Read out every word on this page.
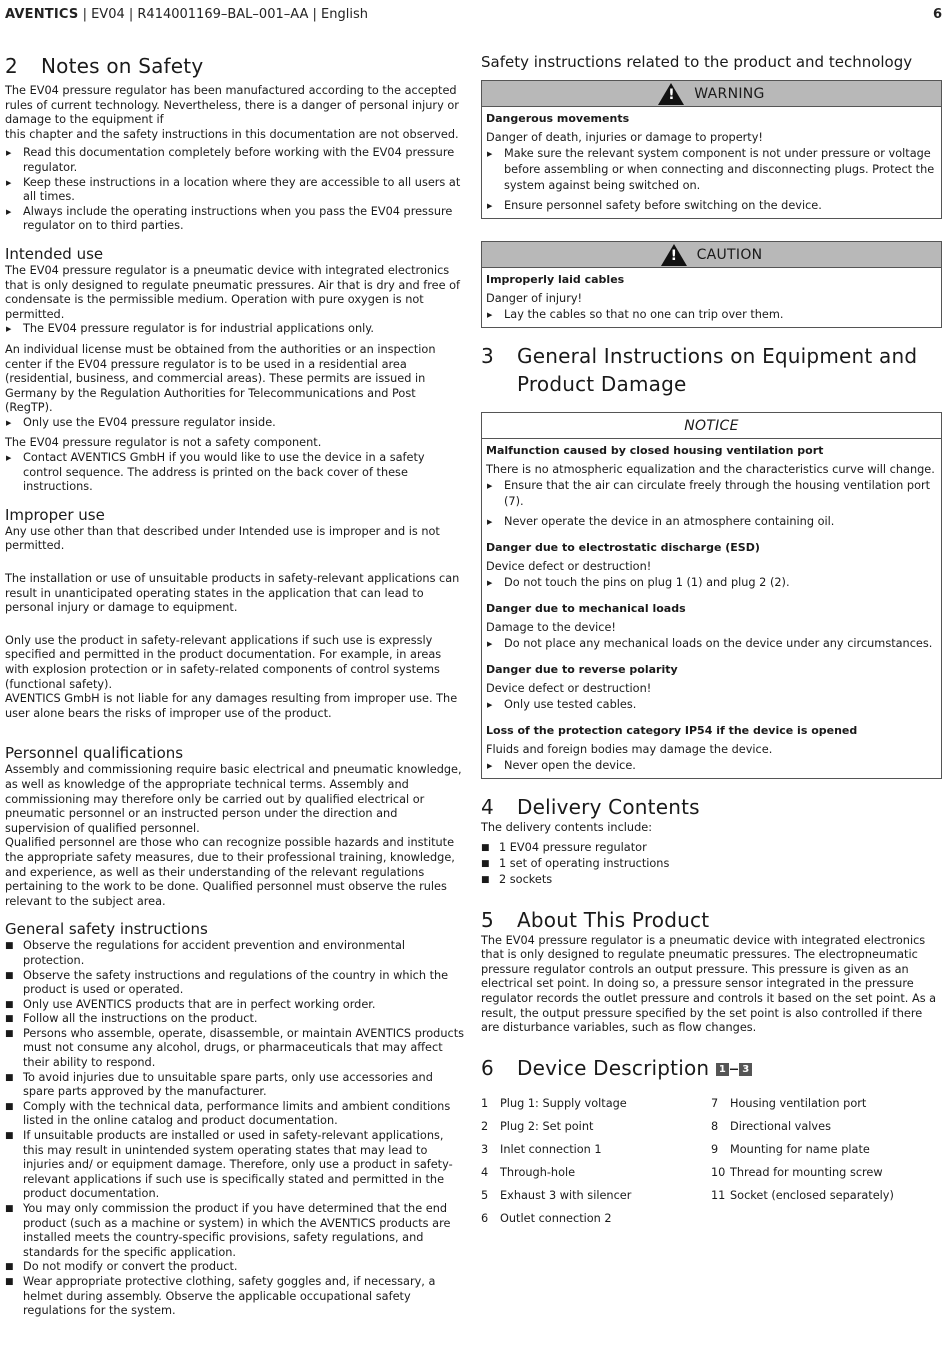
AVENTICS | EV04 | R414001169–BAL–001–AA | English	6
2 Notes on Safety

The EV04 pressure regulator has been manufactured according to the accepted rules of current technology. Nevertheless, there is a danger of personal injury or damage to the equipment if

this chapter and the safety instructions in this documentation are not observed.

▶ Read this documentation completely before working with the EV04 pressure regulator.
▶ Keep these instructions in a location where they are accessible to all users at all times.
▶ Always include the operating instructions when you pass the EV04 pressure regulator on to third parties.
Intended use

The EV04 pressure regulator is a pneumatic device with integrated electronics that is only designed to regulate pneumatic pressures. Air that is dry and free of condensate is the permissible medium. Operation with pure oxygen is not permitted.

▶ The EV04 pressure regulator is for industrial applications only.

An individual license must be obtained from the authorities or an inspection center if the EV04 pressure regulator is to be used in a residential area (residential, business, and commercial areas). These permits are issued in Germany by the Regulation Authorities for Telecommunications and Post (RegTP).

▶ Only use the EV04 pressure regulator inside.

The EV04 pressure regulator is not a safety component.

▶ Contact AVENTICS GmbH if you would like to use the device in a safety control sequence. The address is printed on the back cover of these instructions.
Improper use

Any use other than that described under Intended use is improper and is not permitted.

The installation or use of unsuitable products in safety-relevant applications can result in unanticipated operating states in the application that can lead to personal injury or damage to equipment.

Only use the product in safety-relevant applications if such use is expressly specified and permitted in the product documentation. For example, in areas with explosion protection or in safety-related components of control systems (functional safety).

AVENTICS GmbH is not liable for any damages resulting from improper use. The user alone bears the risks of improper use of the product.

Personnel qualifications

Assembly and commissioning require basic electrical and pneumatic knowledge, as well as knowledge of the appropriate technical terms. Assembly and commissioning may therefore only be carried out by qualified electrical or pneumatic personnel or an instructed person under the direction and supervision of qualified personnel.

Qualified personnel are those who can recognize possible hazards and institute the appropriate safety measures, due to their professional training, knowledge, and experience, as well as their understanding of the relevant regulations pertaining to the work to be done. Qualified personnel must observe the rules relevant to the subject area.

General safety instructions
■ Observe the regulations for accident prevention and environmental protection.
■ Observe the safety instructions and regulations of the country in which the product is used or operated.
■ Only use AVENTICS products that are in perfect working order.
■ Follow all the instructions on the product.
■ Persons who assemble, operate, disassemble, or maintain AVENTICS products must not consume any alcohol, drugs, or pharmaceuticals that may affect their ability to respond.
■ To avoid injuries due to unsuitable spare parts, only use accessories and spare parts approved by the manufacturer.
■ Comply with the technical data, performance limits and ambient conditions listed in the online catalog and product documentation.
■ If unsuitable products are installed or used in safety-relevant applications, this may result in unintended system operating states that may lead to injuries and/ or equipment damage. Therefore, only use a product in safety-relevant applications if such use is specifically stated and permitted in the product documentation.
■ You may only commission the product if you have determined that the end product (such as a machine or system) in which the AVENTICS products are installed meets the country-specific provisions, safety regulations, and standards for the specific application.
■ Do not modify or convert the product.
■ Wear appropriate protective clothing, safety goggles and, if necessary, a helmet during assembly. Observe the applicable occupational safety regulations for the system.
Safety instructions related to the product and technology
! WARNING
Dangerous movements

Danger of death, injuries or damage to property!

▶ Make sure the relevant system component is not under pressure or voltage before assembling or when connecting and disconnecting plugs. Protect the system against being switched on.
▶ Ensure personnel safety before switching on the device.
! CAUTION
Improperly laid cables

Danger of injury!

▶ Lay the cables so that no one can trip over them.
3	General Instructions on Equipment and Product Damage
NOTICE
Malfunction caused by closed housing ventilation port

There is no atmospheric equalization and the characteristics curve will change.

▶ Ensure that the air can circulate freely through the housing ventilation port (7).
▶ Never operate the device in an atmosphere containing oil.
Danger due to electrostatic discharge (ESD)

Device defect or destruction!

▶ Do not touch the pins on plug 1 (1) and plug 2 (2).
Danger due to mechanical loads

Damage to the device!

▶ Do not place any mechanical loads on the device under any circumstances.
Danger due to reverse polarity

Device defect or destruction!

▶ Only use tested cables.
Loss of the protection category IP54 if the device is opened

Fluids and foreign bodies may damage the device.

▶ Never open the device.
4 Delivery Contents

The delivery contents include:

■ 1 EV04 pressure regulator
■ 1 set of operating instructions
■ 2 sockets
5 About This Product

The EV04 pressure regulator is a pneumatic device with integrated electronics that is only designed to regulate pneumatic pressures. The electropneumatic pressure regulator controls an output pressure. This pressure is given as an electrical set point. In doing so, a pressure sensor integrated in the pressure regulator records the outlet pressure and controls it based on the set point. As a result, the output pressure specified by the set point is also controlled if there are disturbance variables, such as flow changes.

6 Device Description 1 – 3
1	Plug 1: Supply voltage	7	Housing ventilation port
2	Plug 2: Set point	8	Directional valves
3	Inlet connection 1	9	Mounting for name plate
4	Through-hole	10 Thread for mounting screw
5	Exhaust 3 with silencer	11 Socket (enclosed separately)
6	Outlet connection 2
